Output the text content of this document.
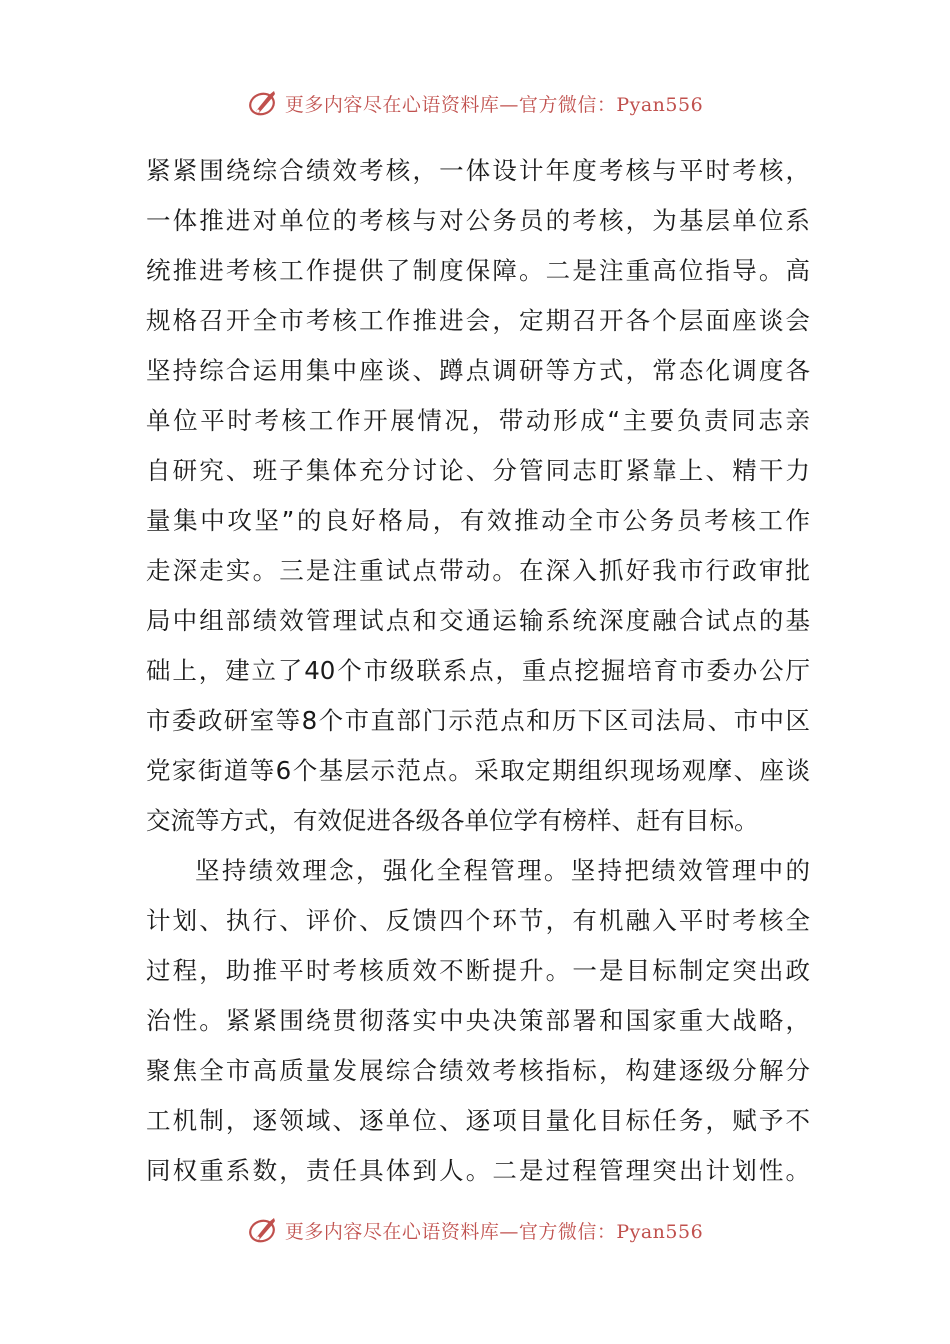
更多内容尽在心语资料库—官方微信：Pyan556
紧紧围绕综合绩效考核，一体设计年度考核与平时考核，
一体推进对单位的考核与对公务员的考核，为基层单位系
统推进考核工作提供了制度保障。二是注重高位指导。高
规格召开全市考核工作推进会，定期召开各个层面座谈会
坚持综合运用集中座谈、蹲点调研等方式，常态化调度各
单位平时考核工作开展情况，带动形成“主要负责同志亲
自研究、班子集体充分讨论、分管同志盯紧靠上、精干力
量集中攻坚”的良好格局，有效推动全市公务员考核工作
走深走实。三是注重试点带动。在深入抓好我市行政审批
局中组部绩效管理试点和交通运输系统深度融合试点的基
础上，建立了40个市级联系点，重点挖掘培育市委办公厅
市委政研室等8个市直部门示范点和历下区司法局、市中区
党家街道等6个基层示范点。采取定期组织现场观摩、座谈
交流等方式，有效促进各级各单位学有榜样、赶有目标。
坚持绩效理念，强化全程管理。坚持把绩效管理中的
计划、执行、评价、反馈四个环节，有机融入平时考核全
过程，助推平时考核质效不断提升。一是目标制定突出政
治性。紧紧围绕贯彻落实中央决策部署和国家重大战略，
聚焦全市高质量发展综合绩效考核指标，构建逐级分解分
工机制，逐领域、逐单位、逐项目量化目标任务，赋予不
同权重系数，责任具体到人。二是过程管理突出计划性。
更多内容尽在心语资料库—官方微信：Pyan556
